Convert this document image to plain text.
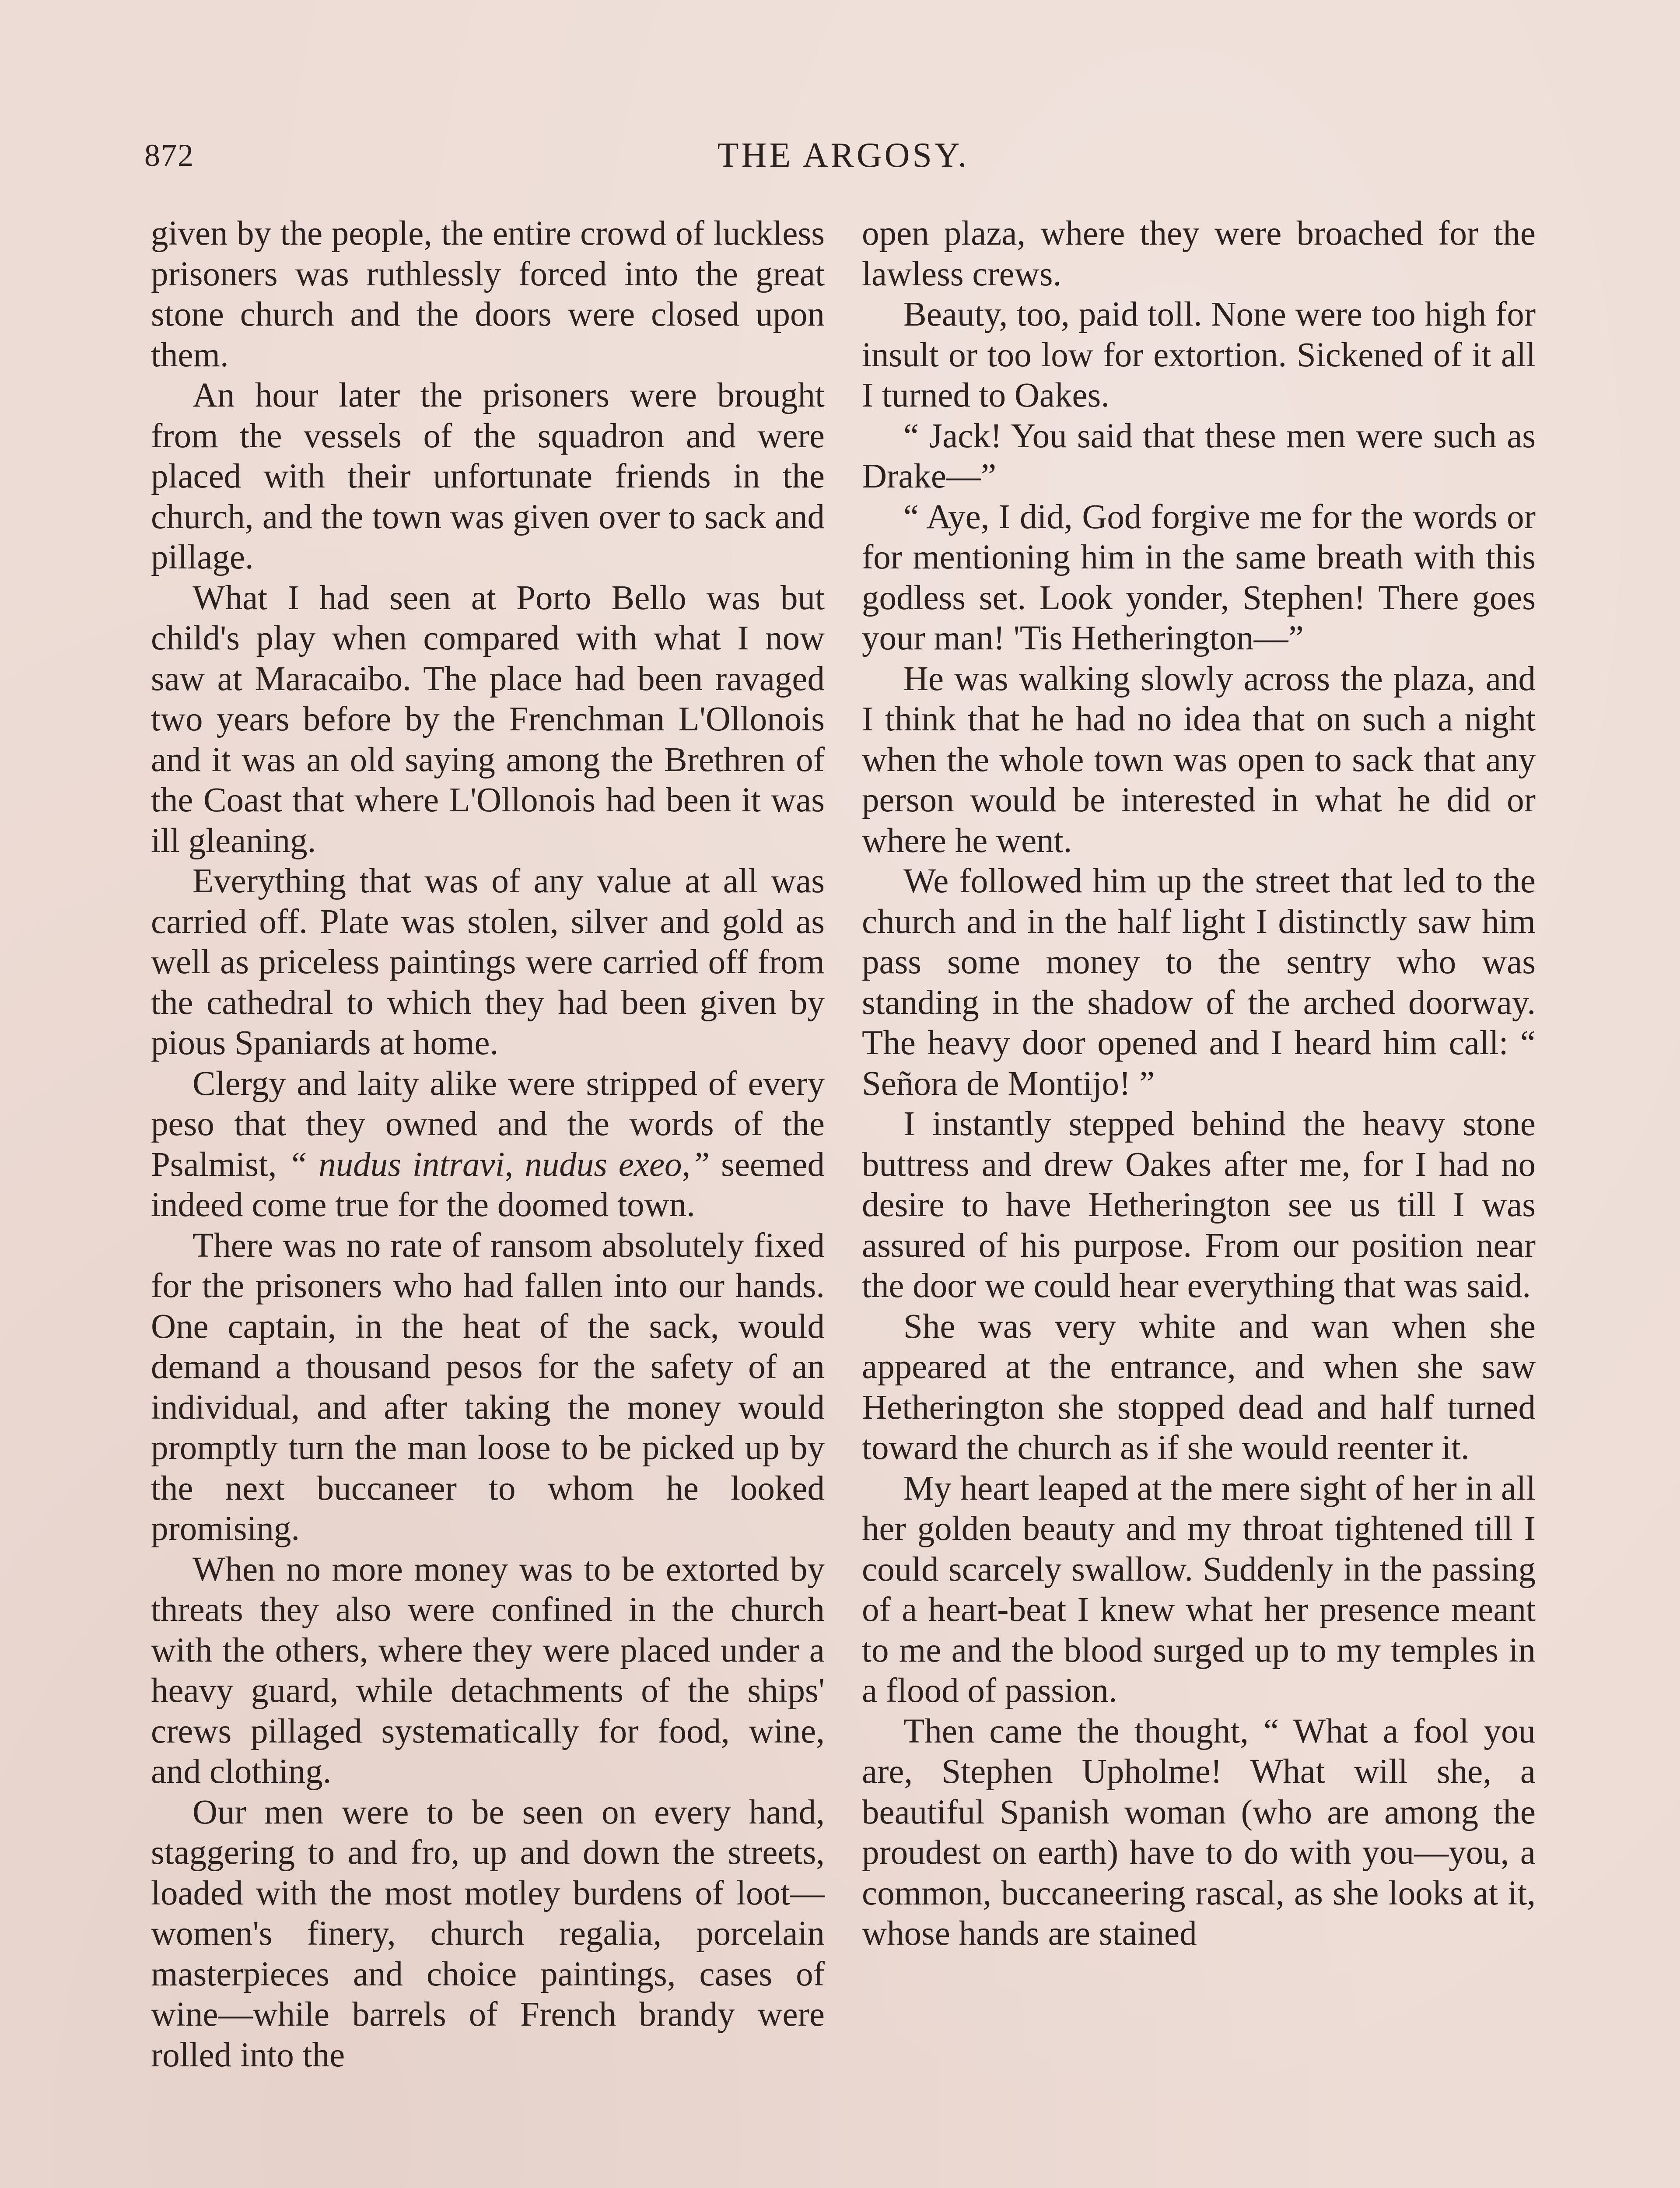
872	THE ARGOSY.

given by the people, the entire crowd of luckless prisoners was ruthlessly forced into the great stone church and the doors were closed upon them.

An hour later the prisoners were brought from the vessels of the squadron and were placed with their unfortunate friends in the church, and the town was given over to sack and pillage.

What I had seen at Porto Bello was but child's play when compared with what I now saw at Maracaibo. The place had been ravaged two years before by the Frenchman L'Ollonois and it was an old saying among the Brethren of the Coast that where L'Ollonois had been it was ill gleaning.

Everything that was of any value at all was carried off. Plate was stolen, silver and gold as well as priceless paintings were carried off from the cathedral to which they had been given by pious Spaniards at home.

Clergy and laity alike were stripped of every peso that they owned and the words of the Psalmist, “ nudus intravi, nudus exeo,” seemed indeed come true for the doomed town.

There was no rate of ransom absolutely fixed for the prisoners who had fallen into our hands. One captain, in the heat of the sack, would demand a thousand pesos for the safety of an individual, and after taking the money would promptly turn the man loose to be picked up by the next buccaneer to whom he looked promising.

When no more money was to be extorted by threats they also were confined in the church with the others, where they were placed under a heavy guard, while detachments of the ships' crews pillaged systematically for food, wine, and clothing.

Our men were to be seen on every hand, staggering to and fro, up and down the streets, loaded with the most motley burdens of loot—women's finery, church regalia, porcelain masterpieces and choice paintings, cases of wine—while barrels of French brandy were rolled into the

open plaza, where they were broached for the lawless crews.

Beauty, too, paid toll. None were too high for insult or too low for extortion. Sickened of it all I turned to Oakes.

“ Jack! You said that these men were such as Drake—”

“ Aye, I did, God forgive me for the words or for mentioning him in the same breath with this godless set. Look yonder, Stephen! There goes your man! 'Tis Hetherington—”

He was walking slowly across the plaza, and I think that he had no idea that on such a night when the whole town was open to sack that any person would be interested in what he did or where he went.

We followed him up the street that led to the church and in the half light I distinctly saw him pass some money to the sentry who was standing in the shadow of the arched doorway. The heavy door opened and I heard him call: “ Señora de Montijo! ”

I instantly stepped behind the heavy stone buttress and drew Oakes after me, for I had no desire to have Hetherington see us till I was assured of his purpose. From our position near the door we could hear everything that was said.

She was very white and wan when she appeared at the entrance, and when she saw Hetherington she stopped dead and half turned toward the church as if she would reenter it.

My heart leaped at the mere sight of her in all her golden beauty and my throat tightened till I could scarcely swallow. Suddenly in the passing of a heart-beat I knew what her presence meant to me and the blood surged up to my temples in a flood of passion.

Then came the thought, “ What a fool you are, Stephen Upholme! What will she, a beautiful Spanish woman (who are among the proudest on earth) have to do with you—you, a common, buccaneering rascal, as she looks at it, whose hands are stained
